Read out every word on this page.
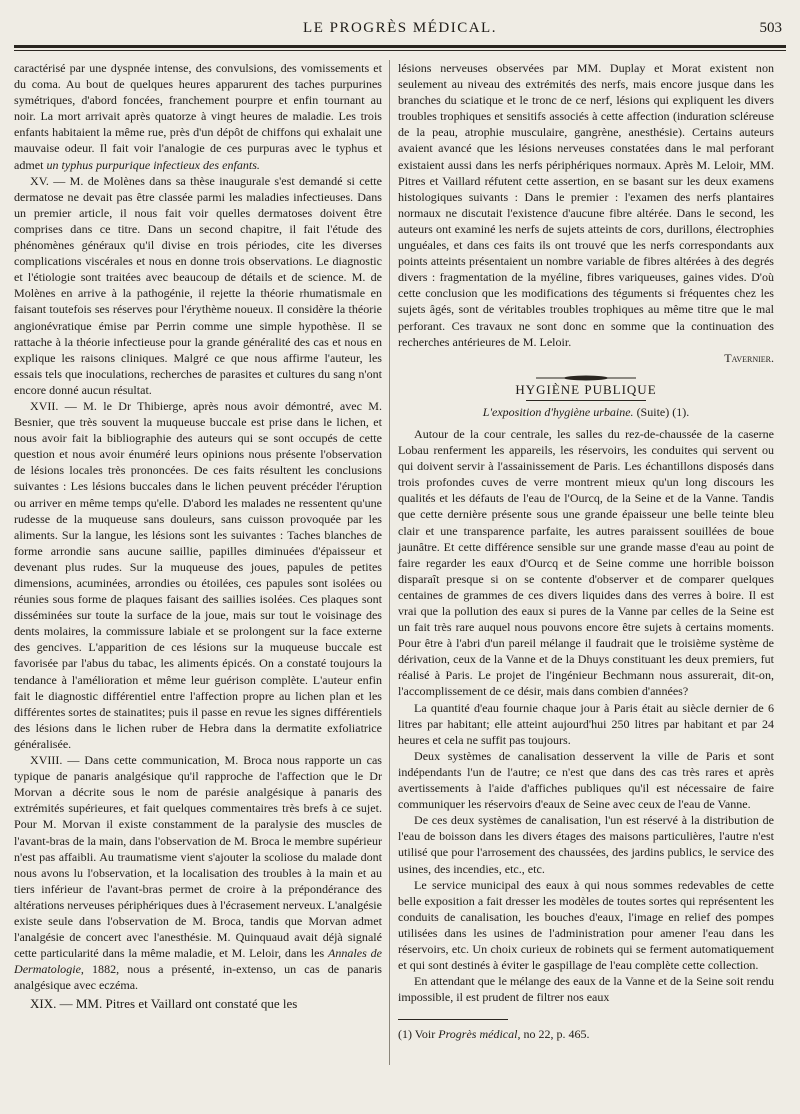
LE PROGRÈS MÉDICAL.	503

caractérisé par une dyspnée intense, des convulsions, des vomissements et du coma. Au bout de quelques heures apparurent des taches purpurines symétriques, d'abord foncées, franchement pourpre et enfin tournant au noir. La mort arrivait après quatorze à vingt heures de maladie. Les trois enfants habitaient la même rue, près d'un dépôt de chiffons qui exhalait une mauvaise odeur. Il fait voir l'analogie de ces purpuras avec le typhus et admet un typhus purpurique infectieux des enfants.

XV. — M. de Molènes dans sa thèse inaugurale s'est demandé si cette dermatose ne devait pas être classée parmi les maladies infectieuses. Dans un premier article, il nous fait voir quelles dermatoses doivent être comprises dans ce titre. Dans un second chapitre, il fait l'étude des phénomènes généraux qu'il divise en trois périodes, cite les diverses complications viscérales et nous en donne trois observations. Le diagnostic et l'étiologie sont traitées avec beaucoup de détails et de science. M. de Molènes en arrive à la pathogénie, il rejette la théorie rhumatismale en faisant toutefois ses réserves pour l'érythème noueux. Il considère la théorie angionévratique émise par Perrin comme une simple hypothèse. Il se rattache à la théorie infectieuse pour la grande généralité des cas et nous en explique les raisons cliniques. Malgré ce que nous affirme l'auteur, les essais tels que inoculations, recherches de parasites et cultures du sang n'ont encore donné aucun résultat.

XVII. — M. le Dr Thibierge, après nous avoir démontré, avec M. Besnier, que très souvent la muqueuse buccale est prise dans le lichen, et nous avoir fait la bibliographie des auteurs qui se sont occupés de cette question et nous avoir énuméré leurs opinions nous présente l'observation de lésions locales très prononcées. De ces faits résultent les conclusions suivantes : Les lésions buccales dans le lichen peuvent précéder l'éruption ou arriver en même temps qu'elle. D'abord les malades ne ressentent qu'une rudesse de la muqueuse sans douleurs, sans cuisson provoquée par les aliments. Sur la langue, les lésions sont les suivantes : Taches blanches de forme arrondie sans aucune saillie, papilles diminuées d'épaisseur et devenant plus rudes. Sur la muqueuse des joues, papules de petites dimensions, acuminées, arrondies ou étoilées, ces papules sont isolées ou réunies sous forme de plaques faisant des saillies isolées. Ces plaques sont disséminées sur toute la surface de la joue, mais sur tout le voisinage des dents molaires, la commissure labiale et se prolongent sur la face externe des gencives. L'apparition de ces lésions sur la muqueuse buccale est favorisée par l'abus du tabac, les aliments épicés. On a constaté toujours la tendance à l'amélioration et même leur guérison complète. L'auteur enfin fait le diagnostic différentiel entre l'affection propre au lichen plan et les différentes sortes de stainatites; puis il passe en revue les signes différentiels des lésions dans le lichen ruber de Hebra dans la dermatite exfoliatrice généralisée.

XVIII. — Dans cette communication, M. Broca nous rapporte un cas typique de panaris analgésique qu'il rapproche de l'affection que le Dr Morvan a décrite sous le nom de parésie analgésique à panaris des extrémités supérieures, et fait quelques commentaires très brefs à ce sujet. Pour M. Morvan il existe constamment de la paralysie des muscles de l'avant-bras de la main, dans l'observation de M. Broca le membre supérieur n'est pas affaibli. Au traumatisme vient s'ajouter la scoliose du malade dont nous avons lu l'observation, et la localisation des troubles à la main et au tiers inférieur de l'avant-bras permet de croire à la prépondérance des altérations nerveuses périphériques dues à l'écrasement nerveux. L'analgésie existe seule dans l'observation de M. Broca, tandis que Morvan admet l'analgésie de concert avec l'anesthésie. M. Quinquaud avait déjà signalé cette particularité dans la même maladie, et M. Leloir, dans les Annales de Dermatologie, 1882, nous a présenté, in-extenso, un cas de panaris analgésique avec eczéma.

XIX. — MM. Pitres et Vaillard ont constaté que les

lésions nerveuses observées par MM. Duplay et Morat existent non seulement au niveau des extrémités des nerfs, mais encore jusque dans les branches du sciatique et le tronc de ce nerf, lésions qui expliquent les divers troubles trophiques et sensitifs associés à cette affection (induration scléreuse de la peau, atrophie musculaire, gangrène, anesthésie). Certains auteurs avaient avancé que les lésions nerveuses constatées dans le mal perforant existaient aussi dans les nerfs périphériques normaux. Après M. Leloir, MM. Pitres et Vaillard réfutent cette assertion, en se basant sur les deux examens histologiques suivants : Dans le premier : l'examen des nerfs plantaires normaux ne discutait l'existence d'aucune fibre altérée. Dans le second, les auteurs ont examiné les nerfs de sujets atteints de cors, durillons, électrophies unguéales, et dans ces faits ils ont trouvé que les nerfs correspondants aux points atteints présentaient un nombre variable de fibres altérées à des degrés divers : fragmentation de la myéline, fibres variqueuses, gaines vides. D'où cette conclusion que les modifications des téguments si fréquentes chez les sujets âgés, sont de véritables troubles trophiques au même titre que le mal perforant. Ces travaux ne sont donc en somme que la continuation des recherches antérieures de M. Leloir.

Tavernier.

HYGIÈNE PUBLIQUE
L'exposition d'hygiène urbaine. (Suite) (1).

Autour de la cour centrale, les salles du rez-de-chaussée de la caserne Lobau renferment les appareils, les réservoirs, les conduites qui servent ou qui doivent servir à l'assainissement de Paris. Les échantillons disposés dans trois profondes cuves de verre montrent mieux qu'un long discours les qualités et les défauts de l'eau de l'Ourcq, de la Seine et de la Vanne. Tandis que cette dernière présente sous une grande épaisseur une belle teinte bleu clair et une transparence parfaite, les autres paraissent souillées de boue jaunâtre. Et cette différence sensible sur une grande masse d'eau au point de faire regarder les eaux d'Ourcq et de Seine comme une horrible boisson disparaît presque si on se contente d'observer et de comparer quelques centaines de grammes de ces divers liquides dans des verres à boire. Il est vrai que la pollution des eaux si pures de la Vanne par celles de la Seine est un fait très rare auquel nous pouvons encore être sujets à certains moments. Pour être à l'abri d'un pareil mélange il faudrait que le troisième système de dérivation, ceux de la Vanne et de la Dhuys constituant les deux premiers, fut réalisé à Paris. Le projet de l'ingénieur Bechmann nous assurerait, dit-on, l'accomplissement de ce désir, mais dans combien d'années?

La quantité d'eau fournie chaque jour à Paris était au siècle dernier de 6 litres par habitant; elle atteint aujourd'hui 250 litres par habitant et par 24 heures et cela ne suffit pas toujours.

Deux systèmes de canalisation desservent la ville de Paris et sont indépendants l'un de l'autre; ce n'est que dans des cas très rares et après avertissements à l'aide d'affiches publiques qu'il est nécessaire de faire communiquer les réservoirs d'eaux de Seine avec ceux de l'eau de Vanne.

De ces deux systèmes de canalisation, l'un est réservé à la distribution de l'eau de boisson dans les divers étages des maisons particulières, l'autre n'est utilisé que pour l'arrosement des chaussées, des jardins publics, le service des usines, des incendies, etc., etc.

Le service municipal des eaux à qui nous sommes redevables de cette belle exposition a fait dresser les modèles de toutes sortes qui représentent les conduits de canalisation, les bouches d'eaux, l'image en relief des pompes utilisées dans les usines de l'administration pour amener l'eau dans les réservoirs, etc. Un choix curieux de robinets qui se ferment automatiquement et qui sont destinés à éviter le gaspillage de l'eau complète cette collection.

En attendant que le mélange des eaux de la Vanne et de la Seine soit rendu impossible, il est prudent de filtrer nos eaux

(1) Voir Progrès médical, no 22, p. 465.
